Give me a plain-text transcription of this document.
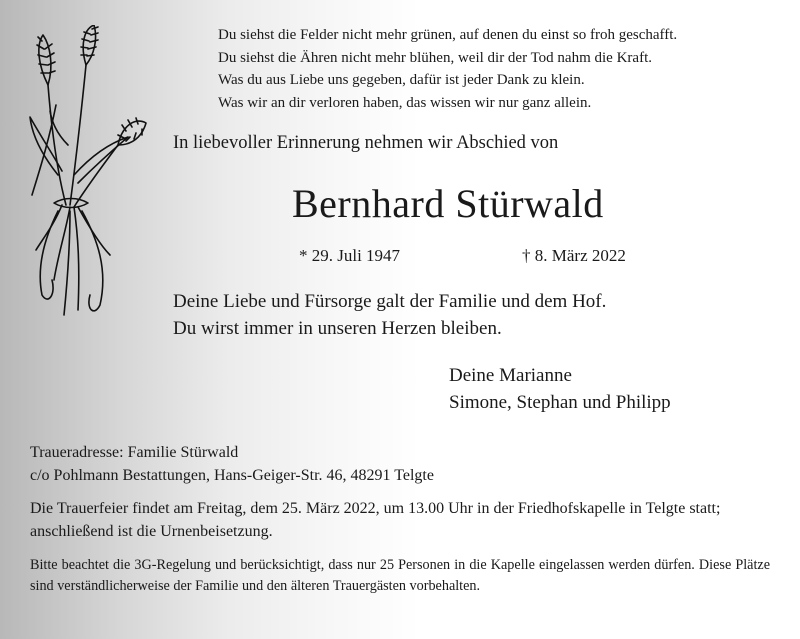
Du siehst die Felder nicht mehr grünen, auf denen du einst so froh geschafft.
Du siehst die Ähren nicht mehr blühen, weil dir der Tod nahm die Kraft.
Was du aus Liebe uns gegeben, dafür ist jeder Dank zu klein.
Was wir an dir verloren haben, das wissen wir nur ganz allein.
In liebevoller Erinnerung nehmen wir Abschied von
Bernhard Stürwald
* 29. Juli 1947	† 8. März 2022
Deine Liebe und Fürsorge galt der Familie und dem Hof.
Du wirst immer in unseren Herzen bleiben.
Deine Marianne
Simone, Stephan und Philipp
Traueradresse: Familie Stürwald
c/o Pohlmann Bestattungen, Hans-Geiger-Str. 46, 48291 Telgte
Die Trauerfeier findet am Freitag, dem 25. März 2022, um 13.00 Uhr in der Friedhofskapelle in Telgte statt; anschließend ist die Urnenbeisetzung.
Bitte beachtet die 3G-Regelung und berücksichtigt, dass nur 25 Personen in die Kapelle eingelassen werden dürfen. Diese Plätze sind verständlicherweise der Familie und den älteren Trauergästen vorbehalten.
